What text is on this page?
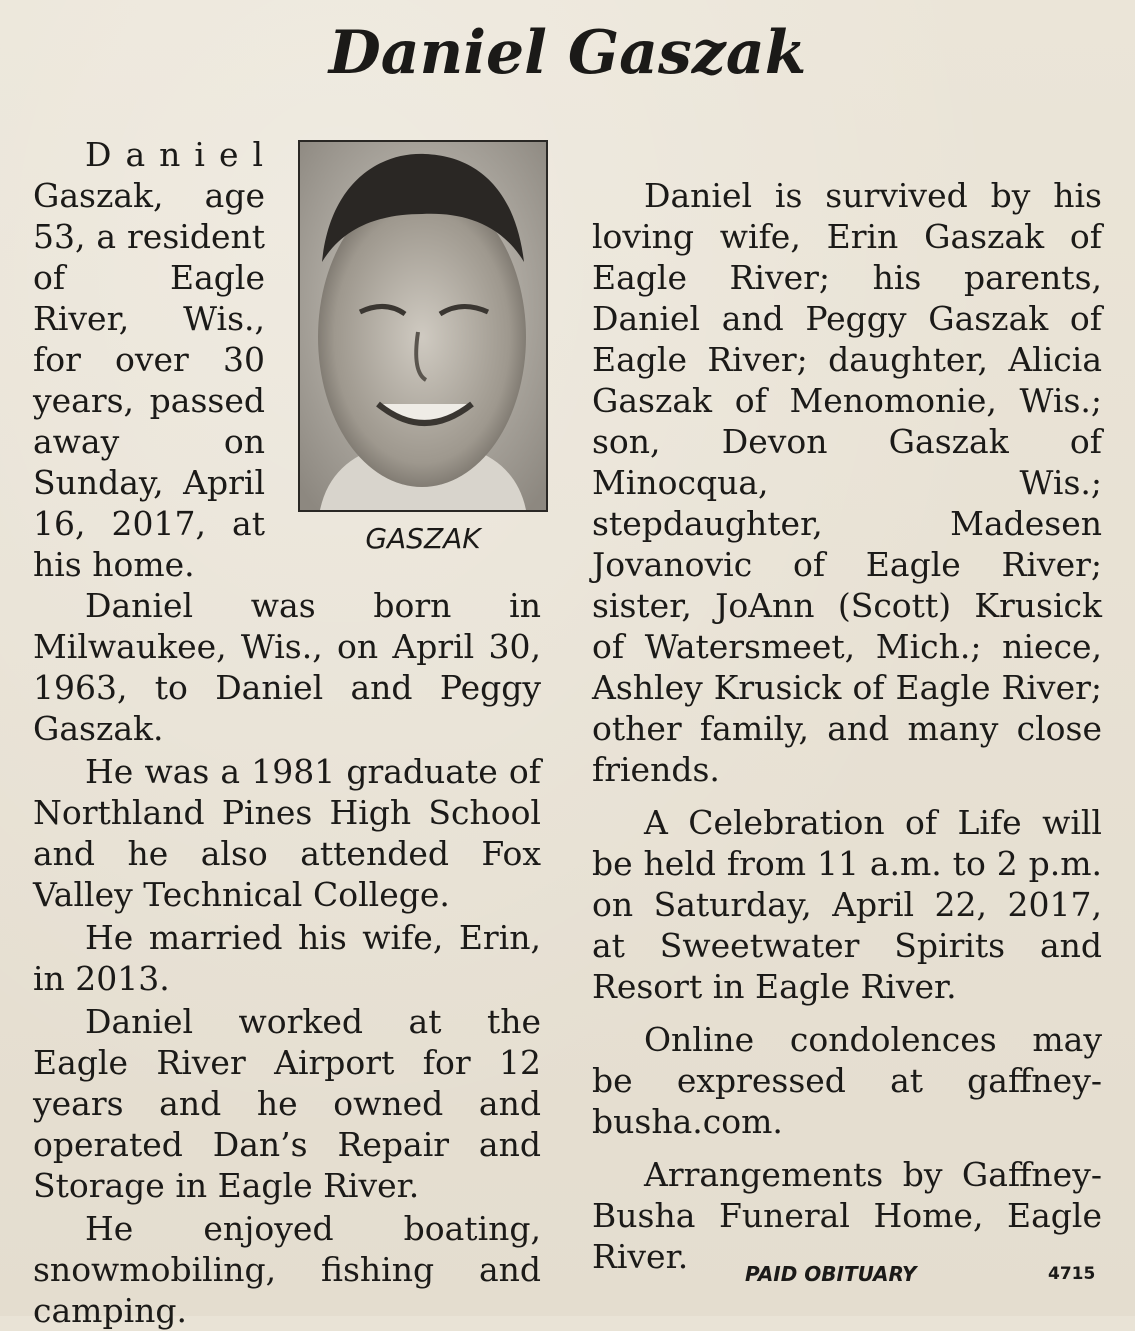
Daniel Gaszak

Daniel Gaszak, age 53, a resident of Eagle River, Wis., for over 30 years, passed away on Sunday, April 16, 2017, at his home.

GASZAK

Daniel was born in Milwaukee, Wis., on April 30, 1963, to Daniel and Peggy Gaszak.

He was a 1981 graduate of Northland Pines High School and he also attended Fox Valley Technical College.

He married his wife, Erin, in 2013.

Daniel worked at the Eagle River Airport for 12 years and he owned and operated Dan’s Repair and Storage in Eagle River.

He enjoyed boating, snowmobiling, fishing and camping.

Daniel is survived by his loving wife, Erin Gaszak of Eagle River; his parents, Daniel and Peggy Gaszak of Eagle River; daughter, Alicia Gaszak of Menomonie, Wis.; son, Devon Gaszak of Minocqua, Wis.; stepdaughter, Madesen Jovanovic of Eagle River; sister, JoAnn (Scott) Krusick of Watersmeet, Mich.; niece, Ashley Krusick of Eagle River; other family, and many close friends.

A Celebration of Life will be held from 11 a.m. to 2 p.m. on Saturday, April 22, 2017, at Sweetwater Spirits and Resort in Eagle River.

Online condolences may be expressed at gaffney-busha.com.

Arrangements by Gaffney-Busha Funeral Home, Eagle River.	PAID OBITUARY	4715
